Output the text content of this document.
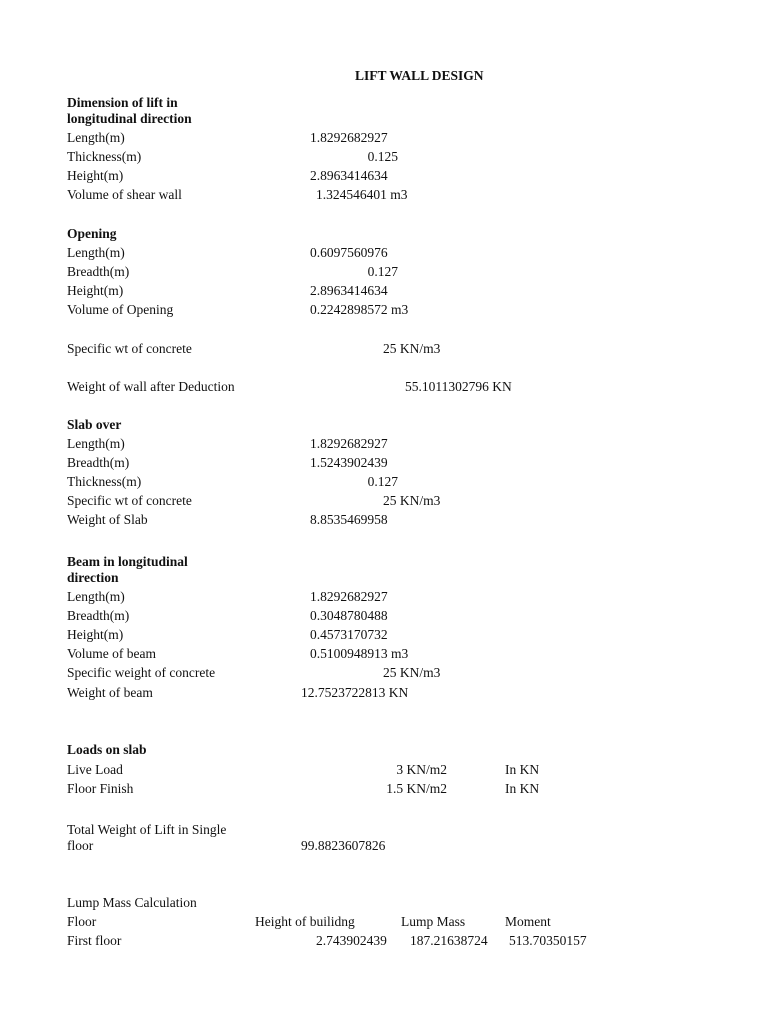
LIFT WALL DESIGN
Dimension of lift in
longitudinal direction
Length(m)	1.8292682927
Thickness(m)	0.125
Height(m)	2.8963414634
Volume of shear wall	1.324546401 m3
Opening
Length(m)	0.6097560976
Breadth(m)	0.127
Height(m)	2.8963414634
Volume of Opening	0.2242898572 m3
Specific wt of concrete	25 KN/m3
Weight of wall after Deduction	55.1011302796 KN
Slab over
Length(m)	1.8292682927
Breadth(m)	1.5243902439
Thickness(m)	0.127
Specific wt of concrete	25 KN/m3
Weight of Slab	8.8535469958
Beam in longitudinal
direction
Length(m)	1.8292682927
Breadth(m)	0.3048780488
Height(m)	0.4573170732
Volume of beam	0.5100948913 m3
Specific weight of concrete	25 KN/m3
Weight of beam	12.7523722813 KN
Loads on slab
Live Load	3 KN/m2	In KN
Floor Finish	1.5 KN/m2	In KN
Total Weight of Lift in Single
floor	99.8823607826
Lump Mass Calculation
Floor	Height of builidng	Lump Mass	Moment
First floor	2.743902439 187.21638724 513.70350157
